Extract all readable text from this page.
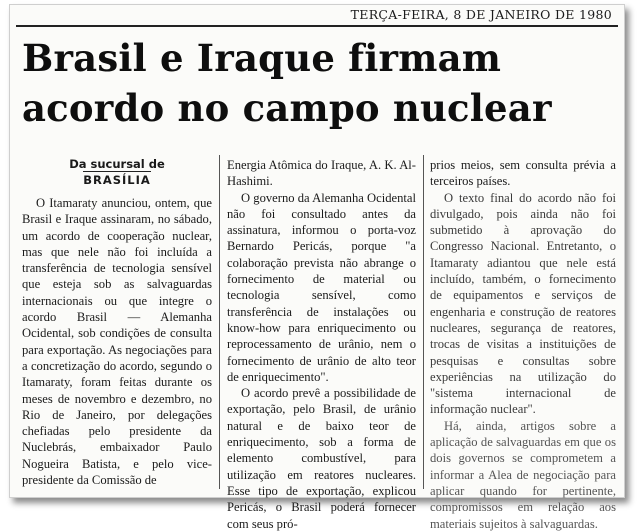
TERÇA-FEIRA, 8 DE JANEIRO DE 1980
Brasil e Iraque firmam acordo no campo nuclear
Da sucursal de
BRASÍLIA

O Itamaraty anunciou, ontem, que Brasil e Iraque assinaram, no sábado, um acordo de cooperação nuclear, mas que nele não foi incluída a transferência de tecnologia sensível que esteja sob as salvaguardas internacionais ou que integre o acordo Brasil — Alemanha Ocidental, sob condições de consulta para exportação. As negociações para a concretização do acordo, segundo o Itamaraty, foram feitas durante os meses de novembro e dezembro, no Rio de Janeiro, por delegações chefiadas pelo presidente da Nuclebrás, embaixador Paulo Nogueira Batista, e pelo vice-presidente da Comissão de

Energia Atômica do Iraque, A. K. Al-Hashimi.

O governo da Alemanha Ocidental não foi consultado antes da assinatura, informou o porta-voz Bernardo Pericás, porque "a colaboração prevista não abrange o fornecimento de material ou tecnologia sensível, como transferência de instalações ou know-how para enriquecimento ou reprocessamento de urânio, nem o fornecimento de urânio de alto teor de enriquecimento".

O acordo prevê a possibilidade de exportação, pelo Brasil, de urânio natural e de baixo teor de enriquecimento, sob a forma de elemento combustível, para utilização em reatores nucleares. Esse tipo de exportação, explicou Pericás, o Brasil poderá fornecer com seus pró-

prios meios, sem consulta prévia a terceiros países.

O texto final do acordo não foi divulgado, pois ainda não foi submetido à aprovação do Congresso Nacional. Entretanto, o Itamaraty adiantou que nele está incluído, também, o fornecimento de equipamentos e serviços de engenharia e construção de reatores nucleares, segurança de reatores, trocas de visitas a instituições de pesquisas e consultas sobre experiências na utilização do "sistema internacional de informação nuclear".

Há, ainda, artigos sobre a aplicação de salvaguardas em que os dois governos se comprometem a informar a Alea de negociação para aplicar quando for pertinente, compromissos em relação aos materiais sujeitos à salvaguardas.
